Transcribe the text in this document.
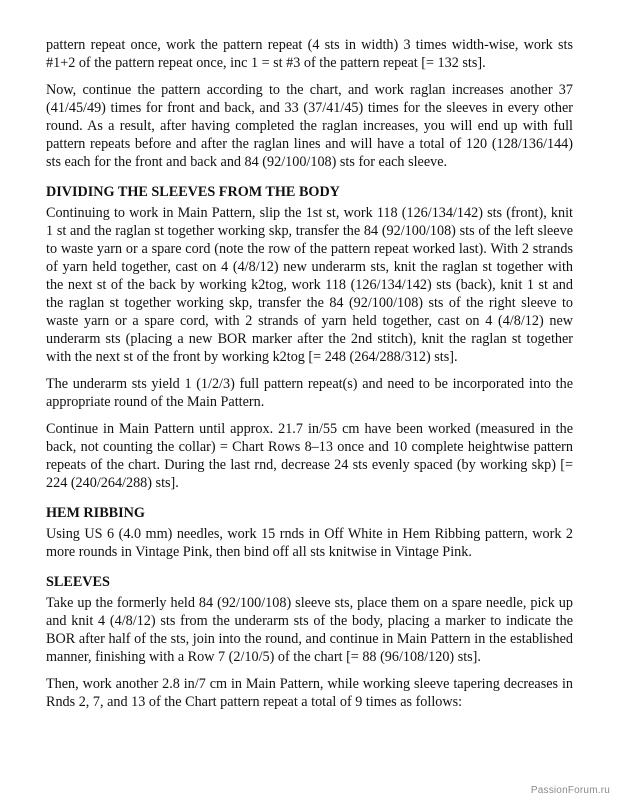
pattern repeat once, work the pattern repeat (4 sts in width) 3 times width-wise, work sts #1+2 of the pattern repeat once, inc 1 = st #3 of the pattern repeat [= 132 sts].

Now, continue the pattern according to the chart, and work raglan increases another 37 (41/45/49) times for front and back, and 33 (37/41/45) times for the sleeves in every other round. As a result, after having completed the raglan increases, you will end up with full pattern repeats before and after the raglan lines and will have a total of 120 (128/136/144) sts each for the front and back and 84 (92/100/108) sts for each sleeve.

DIVIDING THE SLEEVES FROM THE BODY

Continuing to work in Main Pattern, slip the 1st st, work 118 (126/134/142) sts (front), knit 1 st and the raglan st together working skp, transfer the 84 (92/100/108) sts of the left sleeve to waste yarn or a spare cord (note the row of the pattern repeat worked last). With 2 strands of yarn held together, cast on 4 (4/8/12) new underarm sts, knit the raglan st together with the next st of the back by working k2tog, work 118 (126/134/142) sts (back), knit 1 st and the raglan st together working skp, transfer the 84 (92/100/108) sts of the right sleeve to waste yarn or a spare cord, with 2 strands of yarn held together, cast on 4 (4/8/12) new underarm sts (placing a new BOR marker after the 2nd stitch), knit the raglan st together with the next st of the front by working k2tog [= 248 (264/288/312) sts].

The underarm sts yield 1 (1/2/3) full pattern repeat(s) and need to be incorporated into the appropriate round of the Main Pattern.

Continue in Main Pattern until approx. 21.7 in/55 cm have been worked (measured in the back, not counting the collar) = Chart Rows 8–13 once and 10 complete heightwise pattern repeats of the chart. During the last rnd, decrease 24 sts evenly spaced (by working skp) [= 224 (240/264/288) sts].

HEM RIBBING

Using US 6 (4.0 mm) needles, work 15 rnds in Off White in Hem Ribbing pattern, work 2 more rounds in Vintage Pink, then bind off all sts knitwise in Vintage Pink.

SLEEVES

Take up the formerly held 84 (92/100/108) sleeve sts, place them on a spare needle, pick up and knit 4 (4/8/12) sts from the underarm sts of the body, placing a marker to indicate the BOR after half of the sts, join into the round, and continue in Main Pattern in the established manner, finishing with a Row 7 (2/10/5) of the chart [= 88 (96/108/120) sts].

Then, work another 2.8 in/7 cm in Main Pattern, while working sleeve tapering decreases in Rnds 2, 7, and 13 of the Chart pattern repeat a total of 9 times as follows:

PassionForum.ru
